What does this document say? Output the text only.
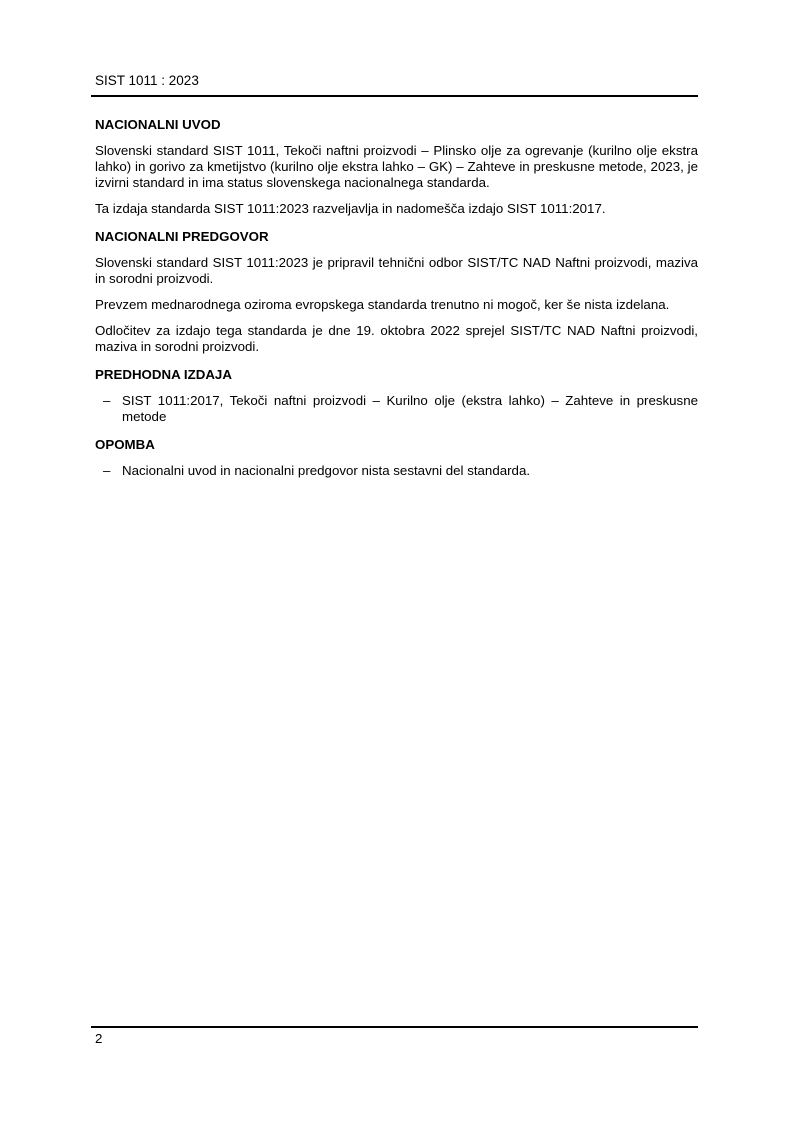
SIST 1011 : 2023
NACIONALNI UVOD

Slovenski standard SIST 1011, Tekoči naftni proizvodi – Plinsko olje za ogrevanje (kurilno olje ekstra lahko) in gorivo za kmetijstvo (kurilno olje ekstra lahko – GK) – Zahteve in preskusne metode, 2023, je izvirni standard in ima status slovenskega nacionalnega standarda.

Ta izdaja standarda SIST 1011:2023 razveljavlja in nadomešča izdajo SIST 1011:2017.

NACIONALNI PREDGOVOR

Slovenski standard SIST 1011:2023 je pripravil tehnični odbor SIST/TC NAD Naftni proizvodi, maziva in sorodni proizvodi.

Prevzem mednarodnega oziroma evropskega standarda trenutno ni mogoč, ker še nista izdelana.

Odločitev za izdajo tega standarda je dne 19. oktobra 2022 sprejel SIST/TC NAD Naftni proizvodi, maziva in sorodni proizvodi.

PREDHODNA IZDAJA
– SIST 1011:2017, Tekoči naftni proizvodi – Kurilno olje (ekstra lahko) – Zahteve in preskusne metode
OPOMBA
– Nacionalni uvod in nacionalni predgovor nista sestavni del standarda.
2
